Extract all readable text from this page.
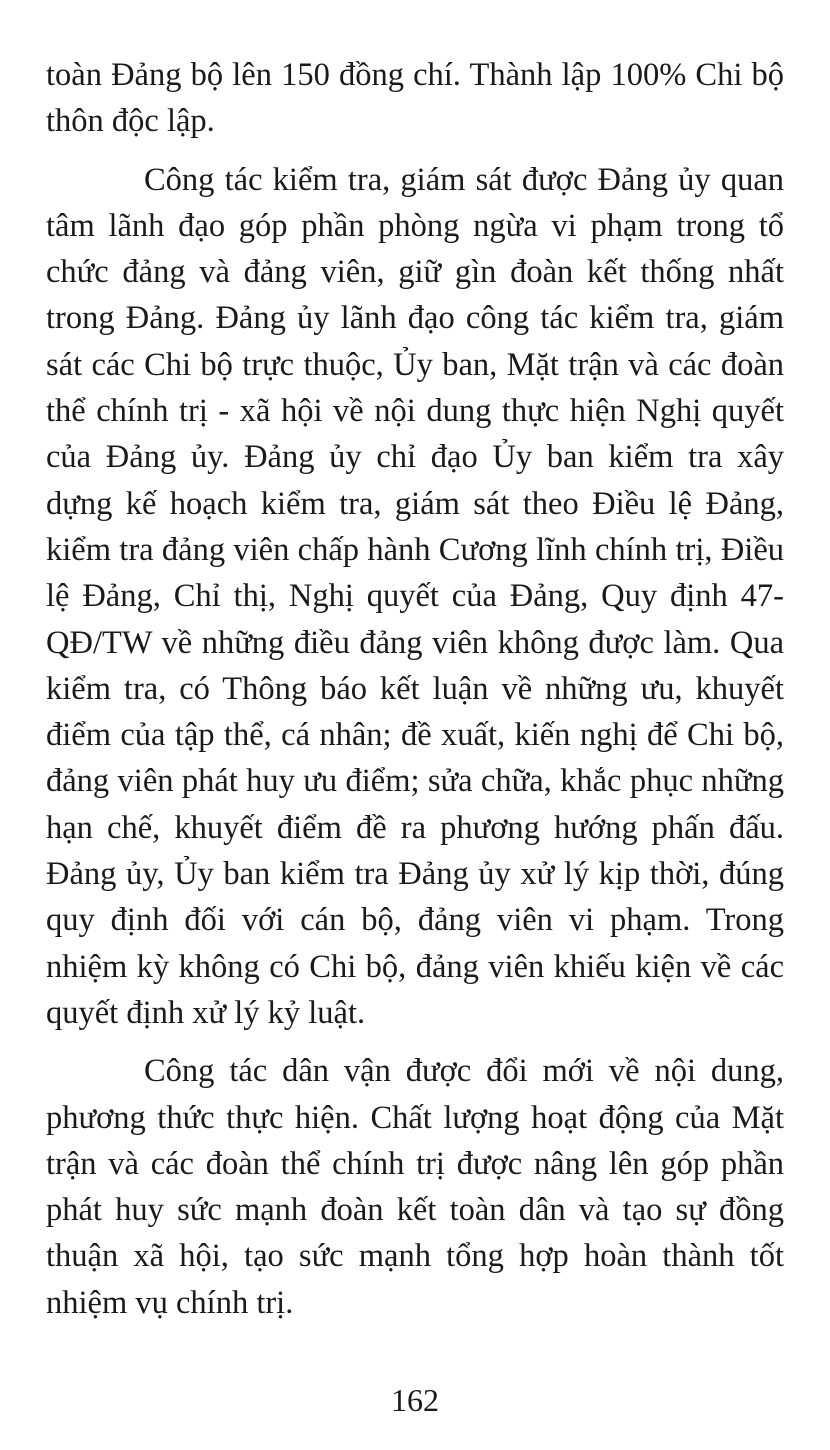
toàn Đảng bộ lên 150 đồng chí. Thành lập 100% Chi bộ thôn độc lập.

Công tác kiểm tra, giám sát được Đảng ủy quan tâm lãnh đạo góp phần phòng ngừa vi phạm trong tổ chức đảng và đảng viên, giữ gìn đoàn kết thống nhất trong Đảng. Đảng ủy lãnh đạo công tác kiểm tra, giám sát các Chi bộ trực thuộc, Ủy ban, Mặt trận và các đoàn thể chính trị - xã hội về nội dung thực hiện Nghị quyết của Đảng ủy. Đảng ủy chỉ đạo Ủy ban kiểm tra xây dựng kế hoạch kiểm tra, giám sát theo Điều lệ Đảng, kiểm tra đảng viên chấp hành Cương lĩnh chính trị, Điều lệ Đảng, Chỉ thị, Nghị quyết của Đảng, Quy định 47-QĐ/TW về những điều đảng viên không được làm. Qua kiểm tra, có Thông báo kết luận về những ưu, khuyết điểm của tập thể, cá nhân; đề xuất, kiến nghị để Chi bộ, đảng viên phát huy ưu điểm; sửa chữa, khắc phục những hạn chế, khuyết điểm đề ra phương hướng phấn đấu. Đảng ủy, Ủy ban kiểm tra Đảng ủy xử lý kịp thời, đúng quy định đối với cán bộ, đảng viên vi phạm. Trong nhiệm kỳ không có Chi bộ, đảng viên khiếu kiện về các quyết định xử lý kỷ luật.

Công tác dân vận được đổi mới về nội dung, phương thức thực hiện. Chất lượng hoạt động của Mặt trận và các đoàn thể chính trị được nâng lên góp phần phát huy sức mạnh đoàn kết toàn dân và tạo sự đồng thuận xã hội, tạo sức mạnh tổng hợp hoàn thành tốt nhiệm vụ chính trị.

162
